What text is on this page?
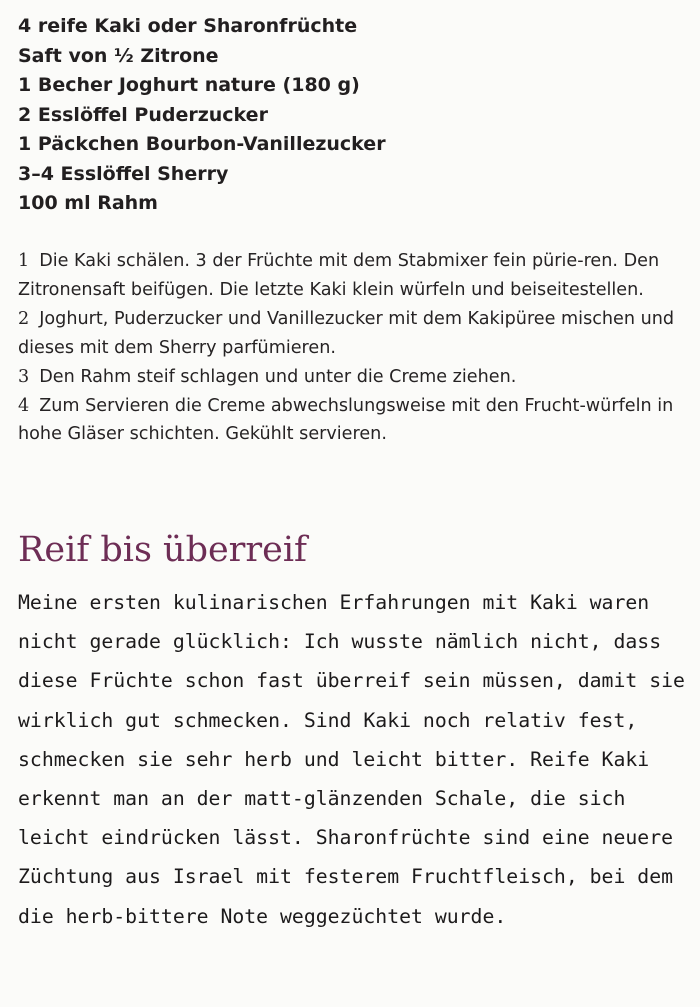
4 reife Kaki oder Sharonfrüchte
Saft von ½ Zitrone
1 Becher Joghurt nature (180 g)
2 Esslöffel Puderzucker
1 Päckchen Bourbon-Vanillezucker
3–4 Esslöffel Sherry
100 ml Rahm
1 Die Kaki schälen. 3 der Früchte mit dem Stabmixer fein pürie-ren. Den Zitronensaft beifügen. Die letzte Kaki klein würfeln und beiseitestellen.
2 Joghurt, Puderzucker und Vanillezucker mit dem Kakipüree mischen und dieses mit dem Sherry parfümieren.
3 Den Rahm steif schlagen und unter die Creme ziehen.
4 Zum Servieren die Creme abwechslungsweise mit den Frucht-würfeln in hohe Gläser schichten. Gekühlt servieren.
Reif bis überreif

Meine ersten kulinarischen Erfahrungen mit Kaki waren nicht gerade glücklich: Ich wusste nämlich nicht, dass diese Früchte schon fast überreif sein müssen, damit sie wirklich gut schmecken. Sind Kaki noch relativ fest, schmecken sie sehr herb und leicht bitter. Reife Kaki erkennt man an der matt-glänzenden Schale, die sich leicht eindrücken lässt. Sharonfrüchte sind eine neuere Züchtung aus Israel mit festerem Fruchtfleisch, bei dem die herb-bittere Note weggezüchtet wurde.
